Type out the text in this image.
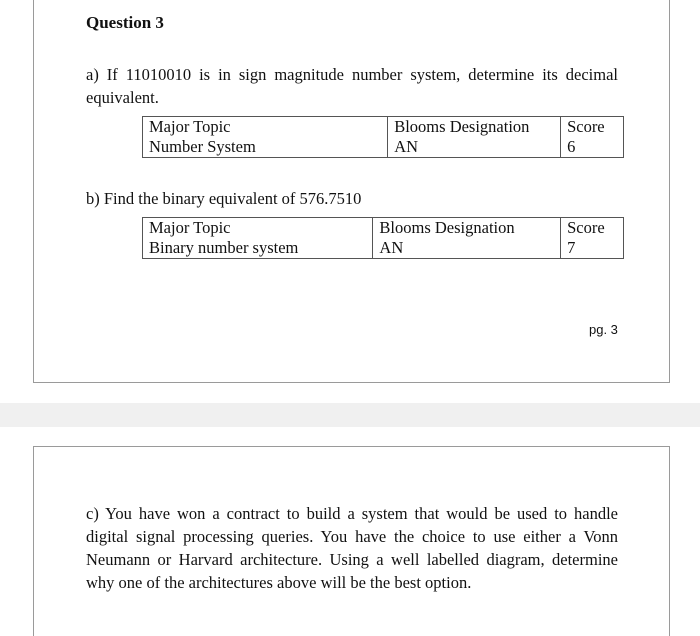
Question 3

a) If 11010010 is in sign magnitude number system, determine its decimal equivalent.

Major Topic	Blooms Designation	Score
Number System	AN	6

b) Find the binary equivalent of 576.7510

Major Topic	Blooms Designation	Score
Binary number system	AN	7
pg. 3

c) You have won a contract to build a system that would be used to handle digital signal processing queries. You have the choice to use either a Vonn Neumann or Harvard architecture. Using a well labelled diagram, determine why one of the architectures above will be the best option.
